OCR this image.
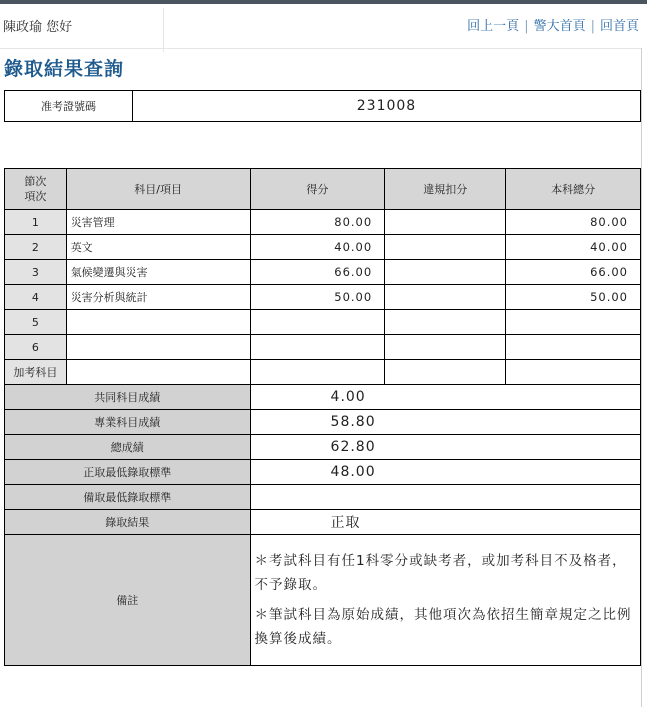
陳政瑜 您好	回上一頁 | 警大首頁 | 回首頁
錄取結果查詢
准考證號碼	231008
節次
項次	科目/項目	得分	違規扣分	本科總分
1	災害管理	80.00		80.00
2	英文	40.00		40.00
3	氣候變遷與災害	66.00		66.00
4	災害分析與統計	50.00		50.00
5				
6				
加考科目				
共同科目成績		4.00		
專業科目成績		58.80		
總成績		62.80		
正取最低錄取標準		48.00		
備取最低錄取標準				
錄取結果		正取		
備註		＊考試科目有任1科零分或缺考者，或加考科目不及格者，不予錄取。

＊筆試科目為原始成績，其他項次為依招生簡章規定之比例換算後成績。		
